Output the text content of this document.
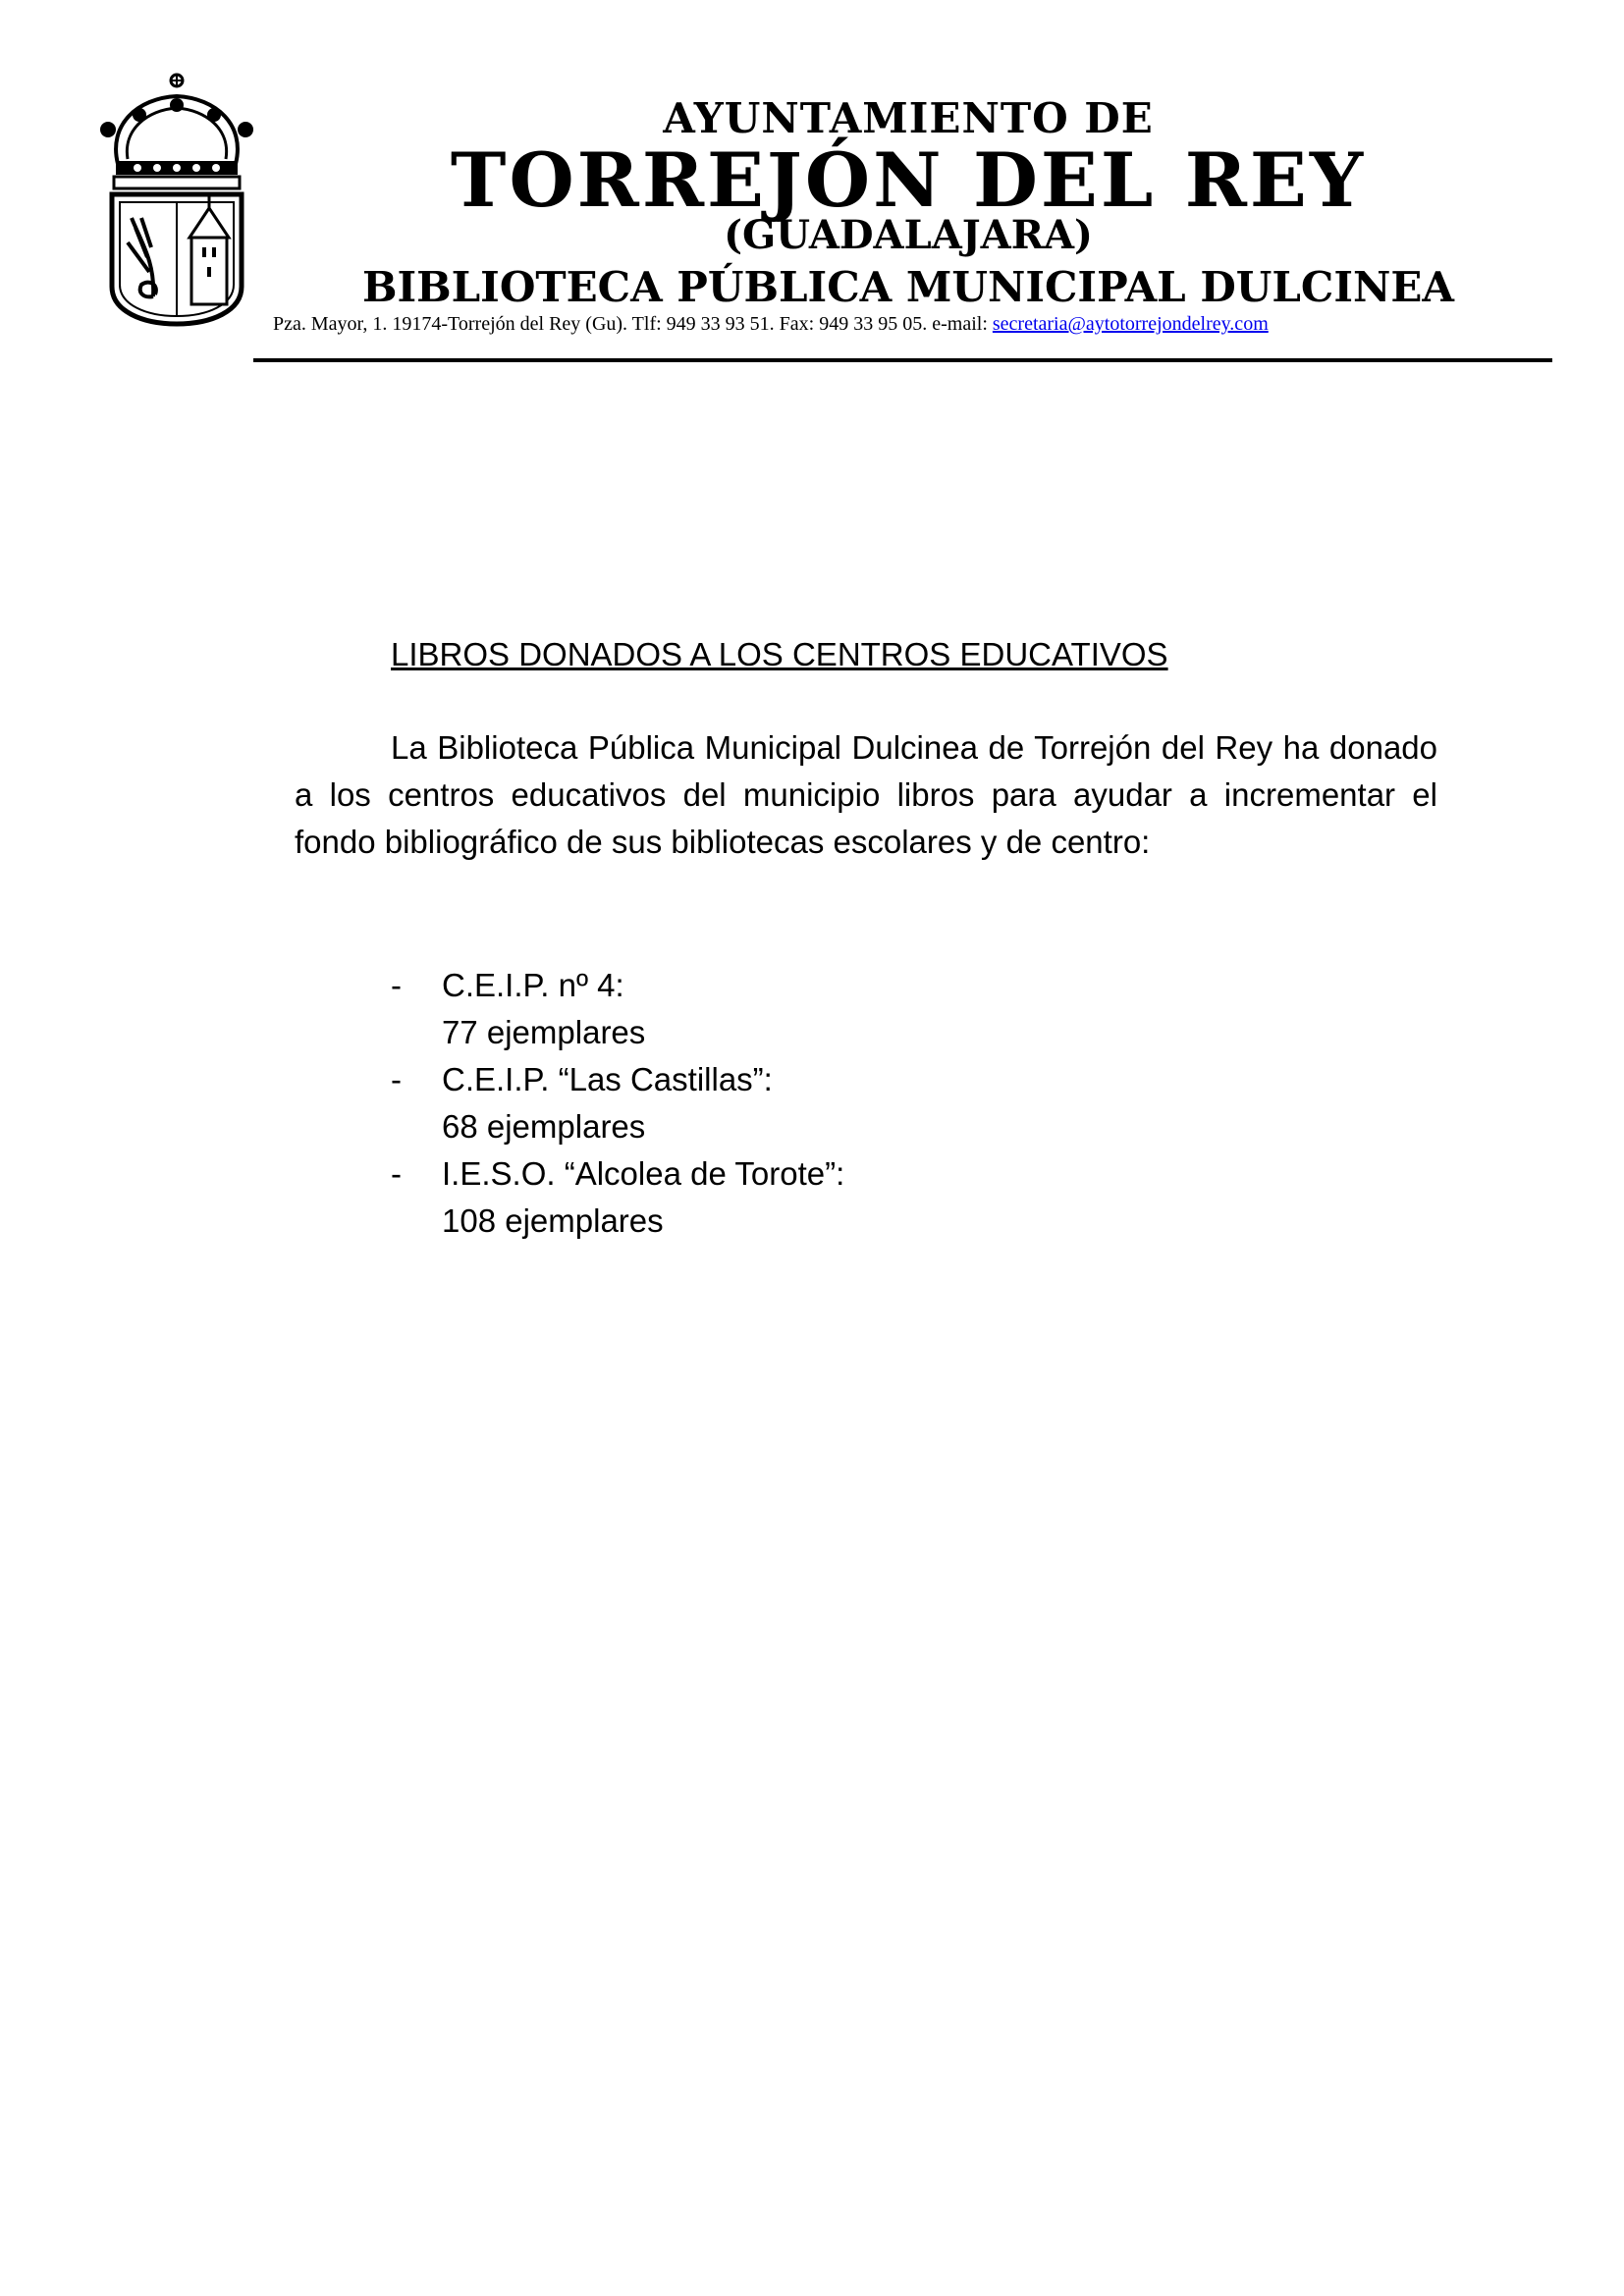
AYUNTAMIENTO DE
TORREJÓN DEL REY
(GUADALAJARA)
BIBLIOTECA PÚBLICA MUNICIPAL DULCINEA
Pza. Mayor, 1. 19174-Torrejón del Rey (Gu). Tlf: 949 33 93 51. Fax: 949 33 95 05. e-mail: secretaria@aytotorrejondelrey.com
LIBROS DONADOS A LOS CENTROS EDUCATIVOS
La Biblioteca Pública Municipal Dulcinea de Torrejón del Rey ha donado a los centros educativos del municipio libros para ayudar a incrementar el fondo bibliográfico de sus bibliotecas escolares y de centro:
- C.E.I.P. nº 4:
77 ejemplares
- C.E.I.P. “Las Castillas”:
68 ejemplares
- I.E.S.O. “Alcolea de Torote”:
108 ejemplares
